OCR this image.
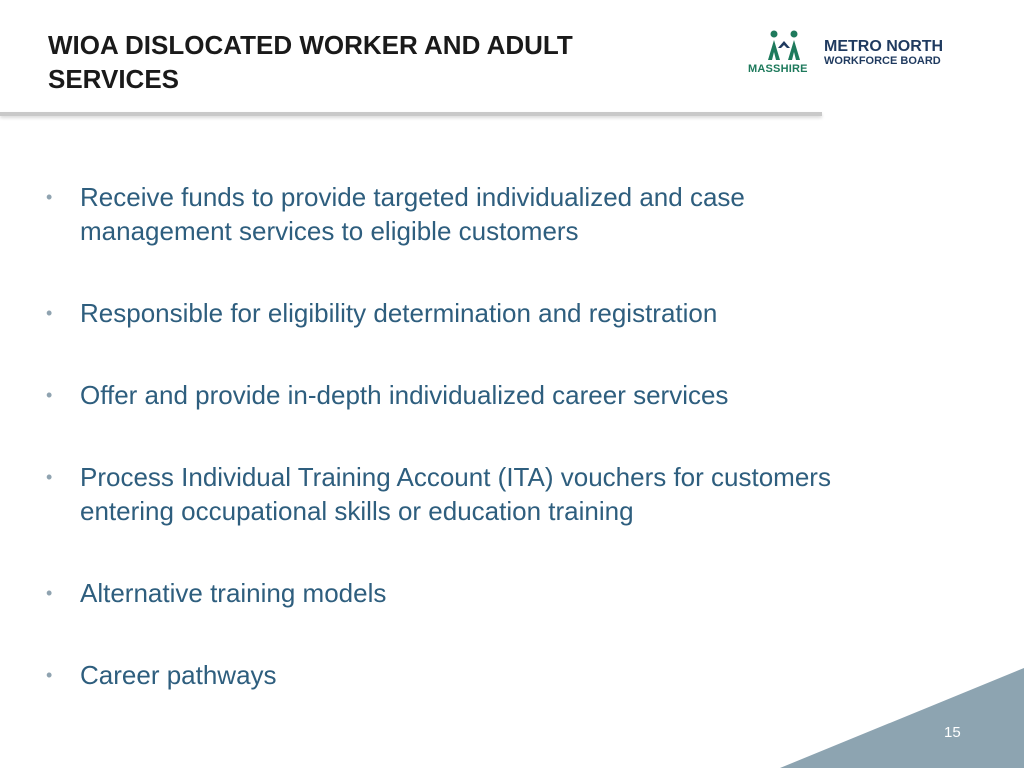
WIOA DISLOCATED WORKER AND ADULT
SERVICES	MASSHIRE
METRO NORTH
WORKFORCE BOARD
• Receive funds to provide targeted individualized and case
management services to eligible customers
• Responsible for eligibility determination and registration
• Offer and provide in-depth individualized career services
• Process Individual Training Account (ITA) vouchers for customers
entering occupational skills or education training
• Alternative training models
• Career pathways
15
